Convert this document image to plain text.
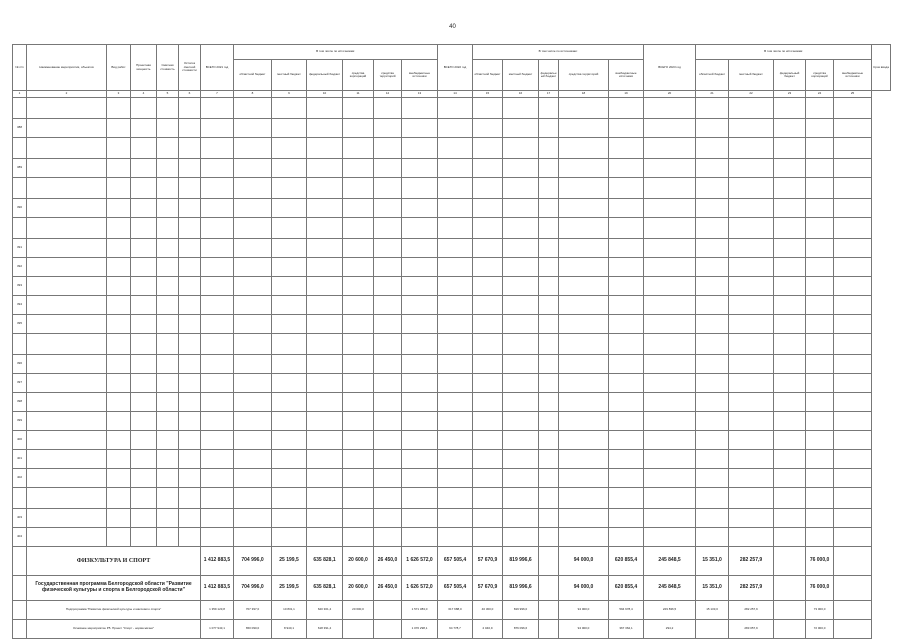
40
№ п/п	Наименование мероприятия, объектов	Вид работ	Проектная мощность	Сметная стоимость	Остаток сметной стоимости	ВСЕГО 2021 год	В том числе по источникам:						ВСЕГО 2022 год	В том числе по источникам:					ВСЕГО 2023 год	В том числе по источникам:					Срок ввода
							областной бюджет	местный бюджет	федеральный бюджет	средства корпораций	средства территорий	внебюджетные источники		областной бюджет	местный бюджет	федеральный бюджет	средства территорий	внебюджетные источники		областной бюджет	местный бюджет	федеральный бюджет	средства корпораций	внебюджетные источники	
1	2	3	4	5	6	7	8	9	10	11	12	13	14	15	16	17	18	19	20	21	22	23	24	25	

388																									

389																									

390																									

391																									
392																									
393																									
394																									
395																									

396																									
397																									
398																									
399																									
400																									
401																									
402																									

403																									
404																									
	ФИЗКУЛЬТУРА И СПОРТ					1 412 883,5	704 996,0	25 199,5	635 828,1	20 600,0	26 450,0	1 626 572,0	657 505,4	57 670,9	819 996,6		94 000,0	620 855,4	245 848,5	15 351,0	282 257,9		76 000,0		
	Государственная программа Белгородской области "Развитие физической культуры и спорта в Белгородской области"					1 412 883,5	704 996,0	25 199,5	635 828,1	20 600,0	26 450,0	1 626 572,0	657 505,4	57 670,9	819 996,6		94 000,0	620 855,4	245 848,5	15 351,0	282 257,9		76 000,0		
	Подпрограмма "Развитие физической культуры и массового спорта"					1 359 123,8	707 397,0	10 831,1	620 301,4	20 600,0		1 571 383,0	617 688,0	40 300,0	819 996,0		94 000,0	594 978,4	229 836,5	15 133,0	282 257,9		73 000,0		
	Основное мероприятие P5. Проект "Спорт - норма жизни"					1 077 943,1	650 090,0	8 940,1	618 391,4			1 070 298,1	94 778,7	2 040,9	876 096,6		94 000,0	367 362,1	294,2		283 057,9		72 000,0		
